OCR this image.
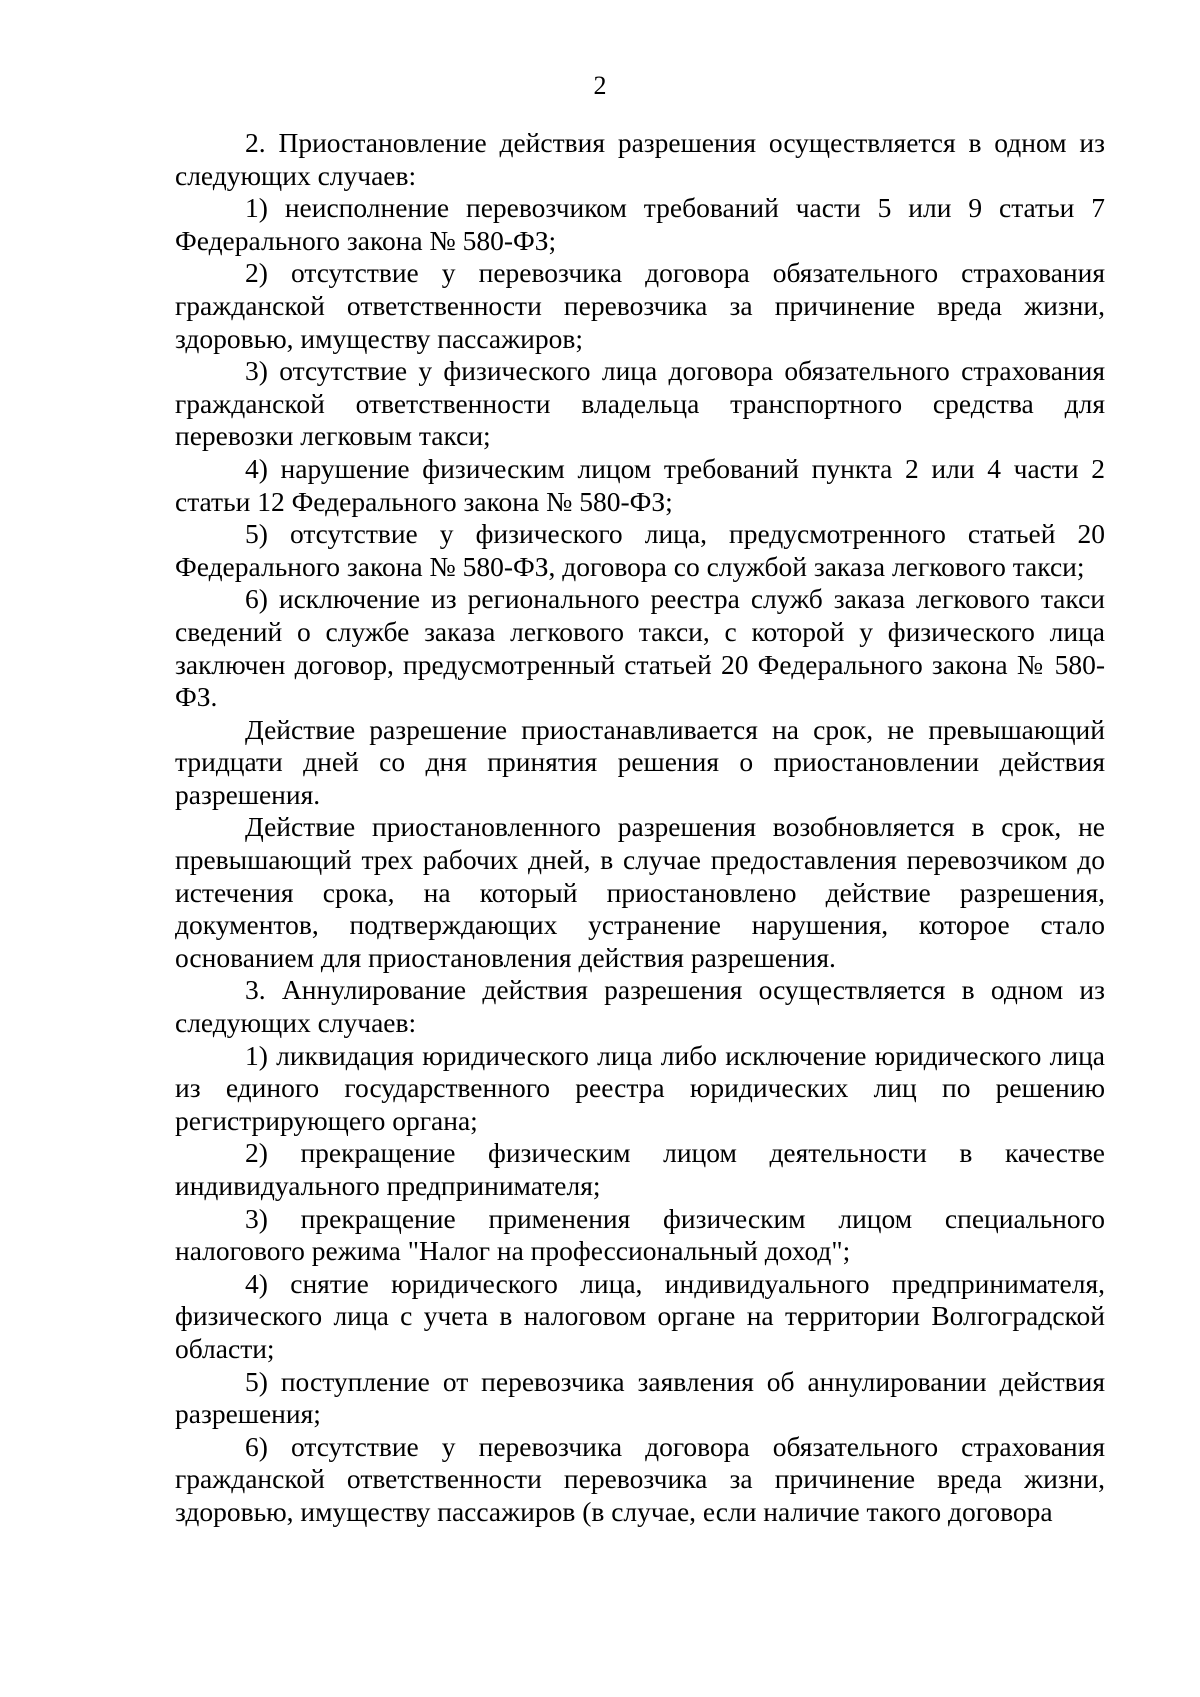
2

2. Приостановление действия разрешения осуществляется в одном из следующих случаев:

1) неисполнение перевозчиком требований части 5 или 9 статьи 7 Федерального закона № 580-ФЗ;

2) отсутствие у перевозчика договора обязательного страхования гражданской ответственности перевозчика за причинение вреда жизни, здоровью, имуществу пассажиров;

3) отсутствие у физического лица договора обязательного страхования гражданской ответственности владельца транспортного средства для перевозки легковым такси;

4) нарушение физическим лицом требований пункта 2 или 4 части 2 статьи 12 Федерального закона № 580-ФЗ;

5) отсутствие у физического лица, предусмотренного статьей 20 Федерального закона № 580-ФЗ, договора со службой заказа легкового такси;

6) исключение из регионального реестра служб заказа легкового такси сведений о службе заказа легкового такси, с которой у физического лица заключен договор, предусмотренный статьей 20 Федерального закона № 580-ФЗ.

Действие разрешение приостанавливается на срок, не превышающий тридцати дней со дня принятия решения о приостановлении действия разрешения.

Действие приостановленного разрешения возобновляется в срок, не превышающий трех рабочих дней, в случае предоставления перевозчиком до истечения срока, на который приостановлено действие разрешения, документов, подтверждающих устранение нарушения, которое стало основанием для приостановления действия разрешения.

3. Аннулирование действия разрешения осуществляется в одном из следующих случаев:

1) ликвидация юридического лица либо исключение юридического лица из единого государственного реестра юридических лиц по решению регистрирующего органа;

2) прекращение физическим лицом деятельности в качестве индивидуального предпринимателя;

3) прекращение применения физическим лицом специального налогового режима "Налог на профессиональный доход";

4) снятие юридического лица, индивидуального предпринимателя, физического лица с учета в налоговом органе на территории Волгоградской области;

5) поступление от перевозчика заявления об аннулировании действия разрешения;

6) отсутствие у перевозчика договора обязательного страхования гражданской ответственности перевозчика за причинение вреда жизни, здоровью, имуществу пассажиров (в случае, если наличие такого договора
